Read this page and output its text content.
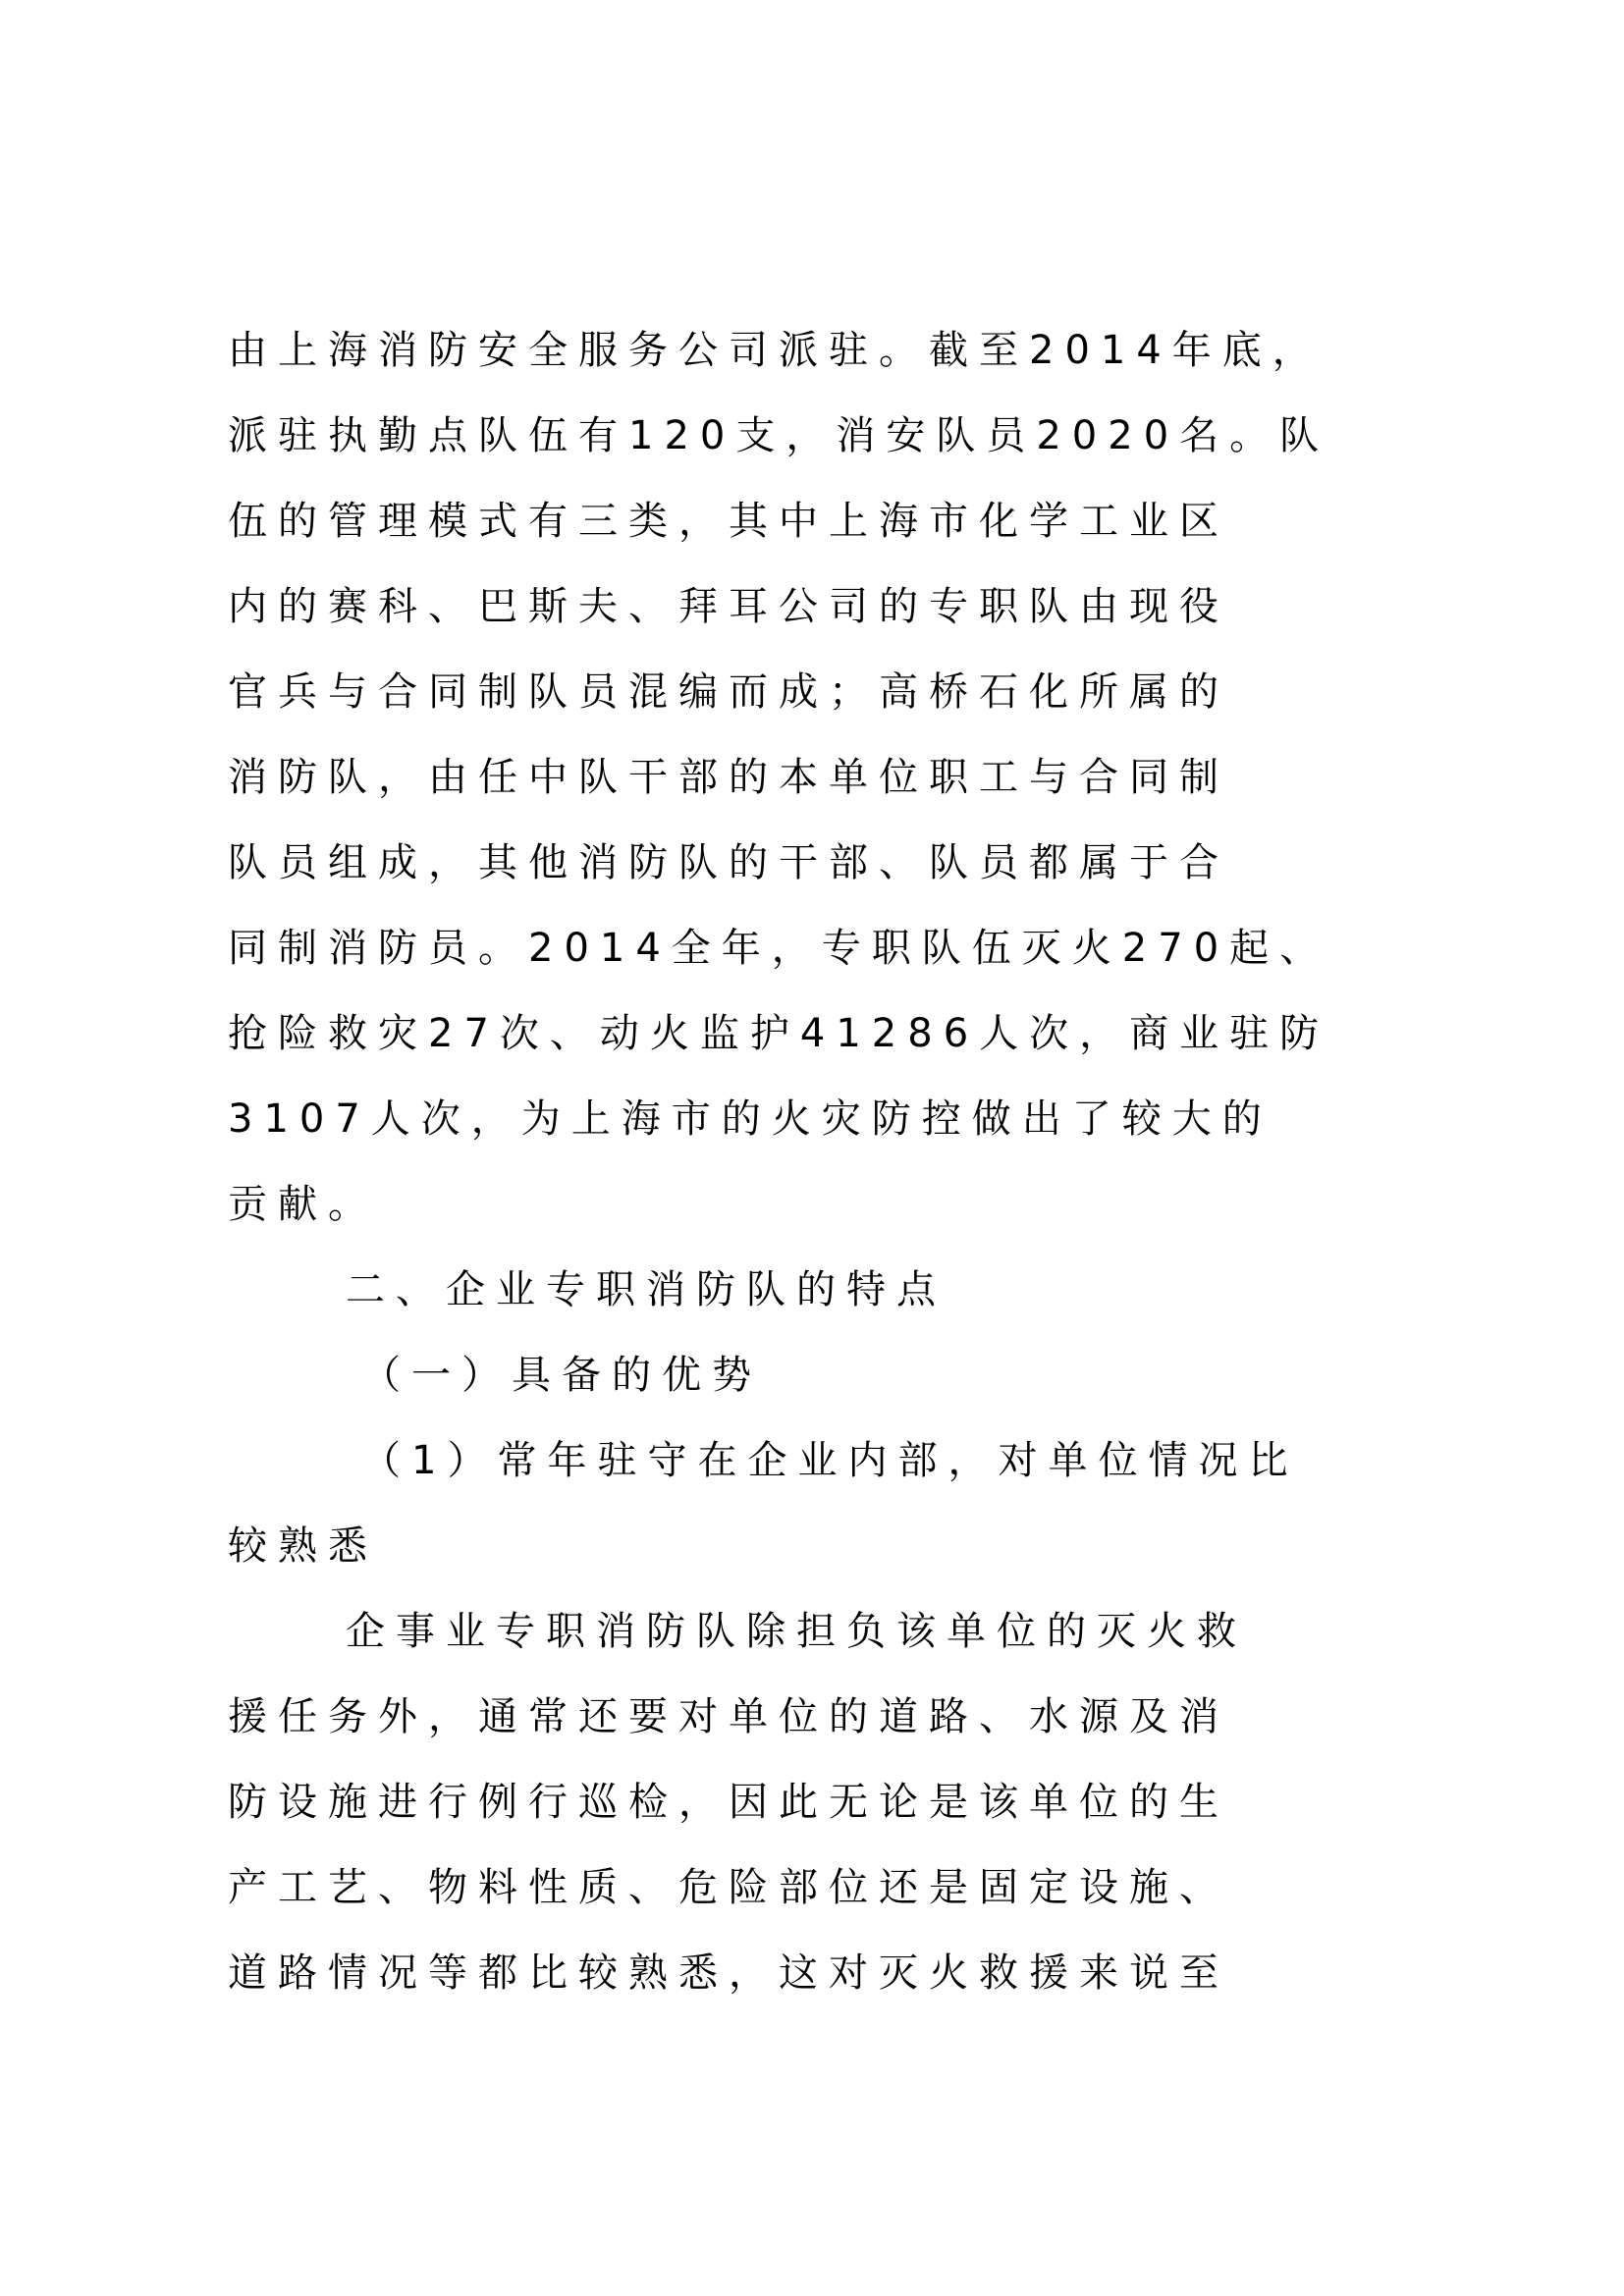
由上海消防安全服务公司派驻。截至2014年底，
派驻执勤点队伍有120支，消安队员2020名。队
伍的管理模式有三类，其中上海市化学工业区
内的赛科、巴斯夫、拜耳公司的专职队由现役
官兵与合同制队员混编而成；高桥石化所属的
消防队，由任中队干部的本单位职工与合同制
队员组成，其他消防队的干部、队员都属于合
同制消防员。2014全年，专职队伍灭火270起、
抢险救灾27次、动火监护41286人次，商业驻防
3107人次，为上海市的火灾防控做出了较大的
贡献。
二、企业专职消防队的特点
（一）具备的优势
（1）常年驻守在企业内部，对单位情况比
较熟悉
企事业专职消防队除担负该单位的灭火救
援任务外，通常还要对单位的道路、水源及消
防设施进行例行巡检，因此无论是该单位的生
产工艺、物料性质、危险部位还是固定设施、
道路情况等都比较熟悉，这对灭火救援来说至
